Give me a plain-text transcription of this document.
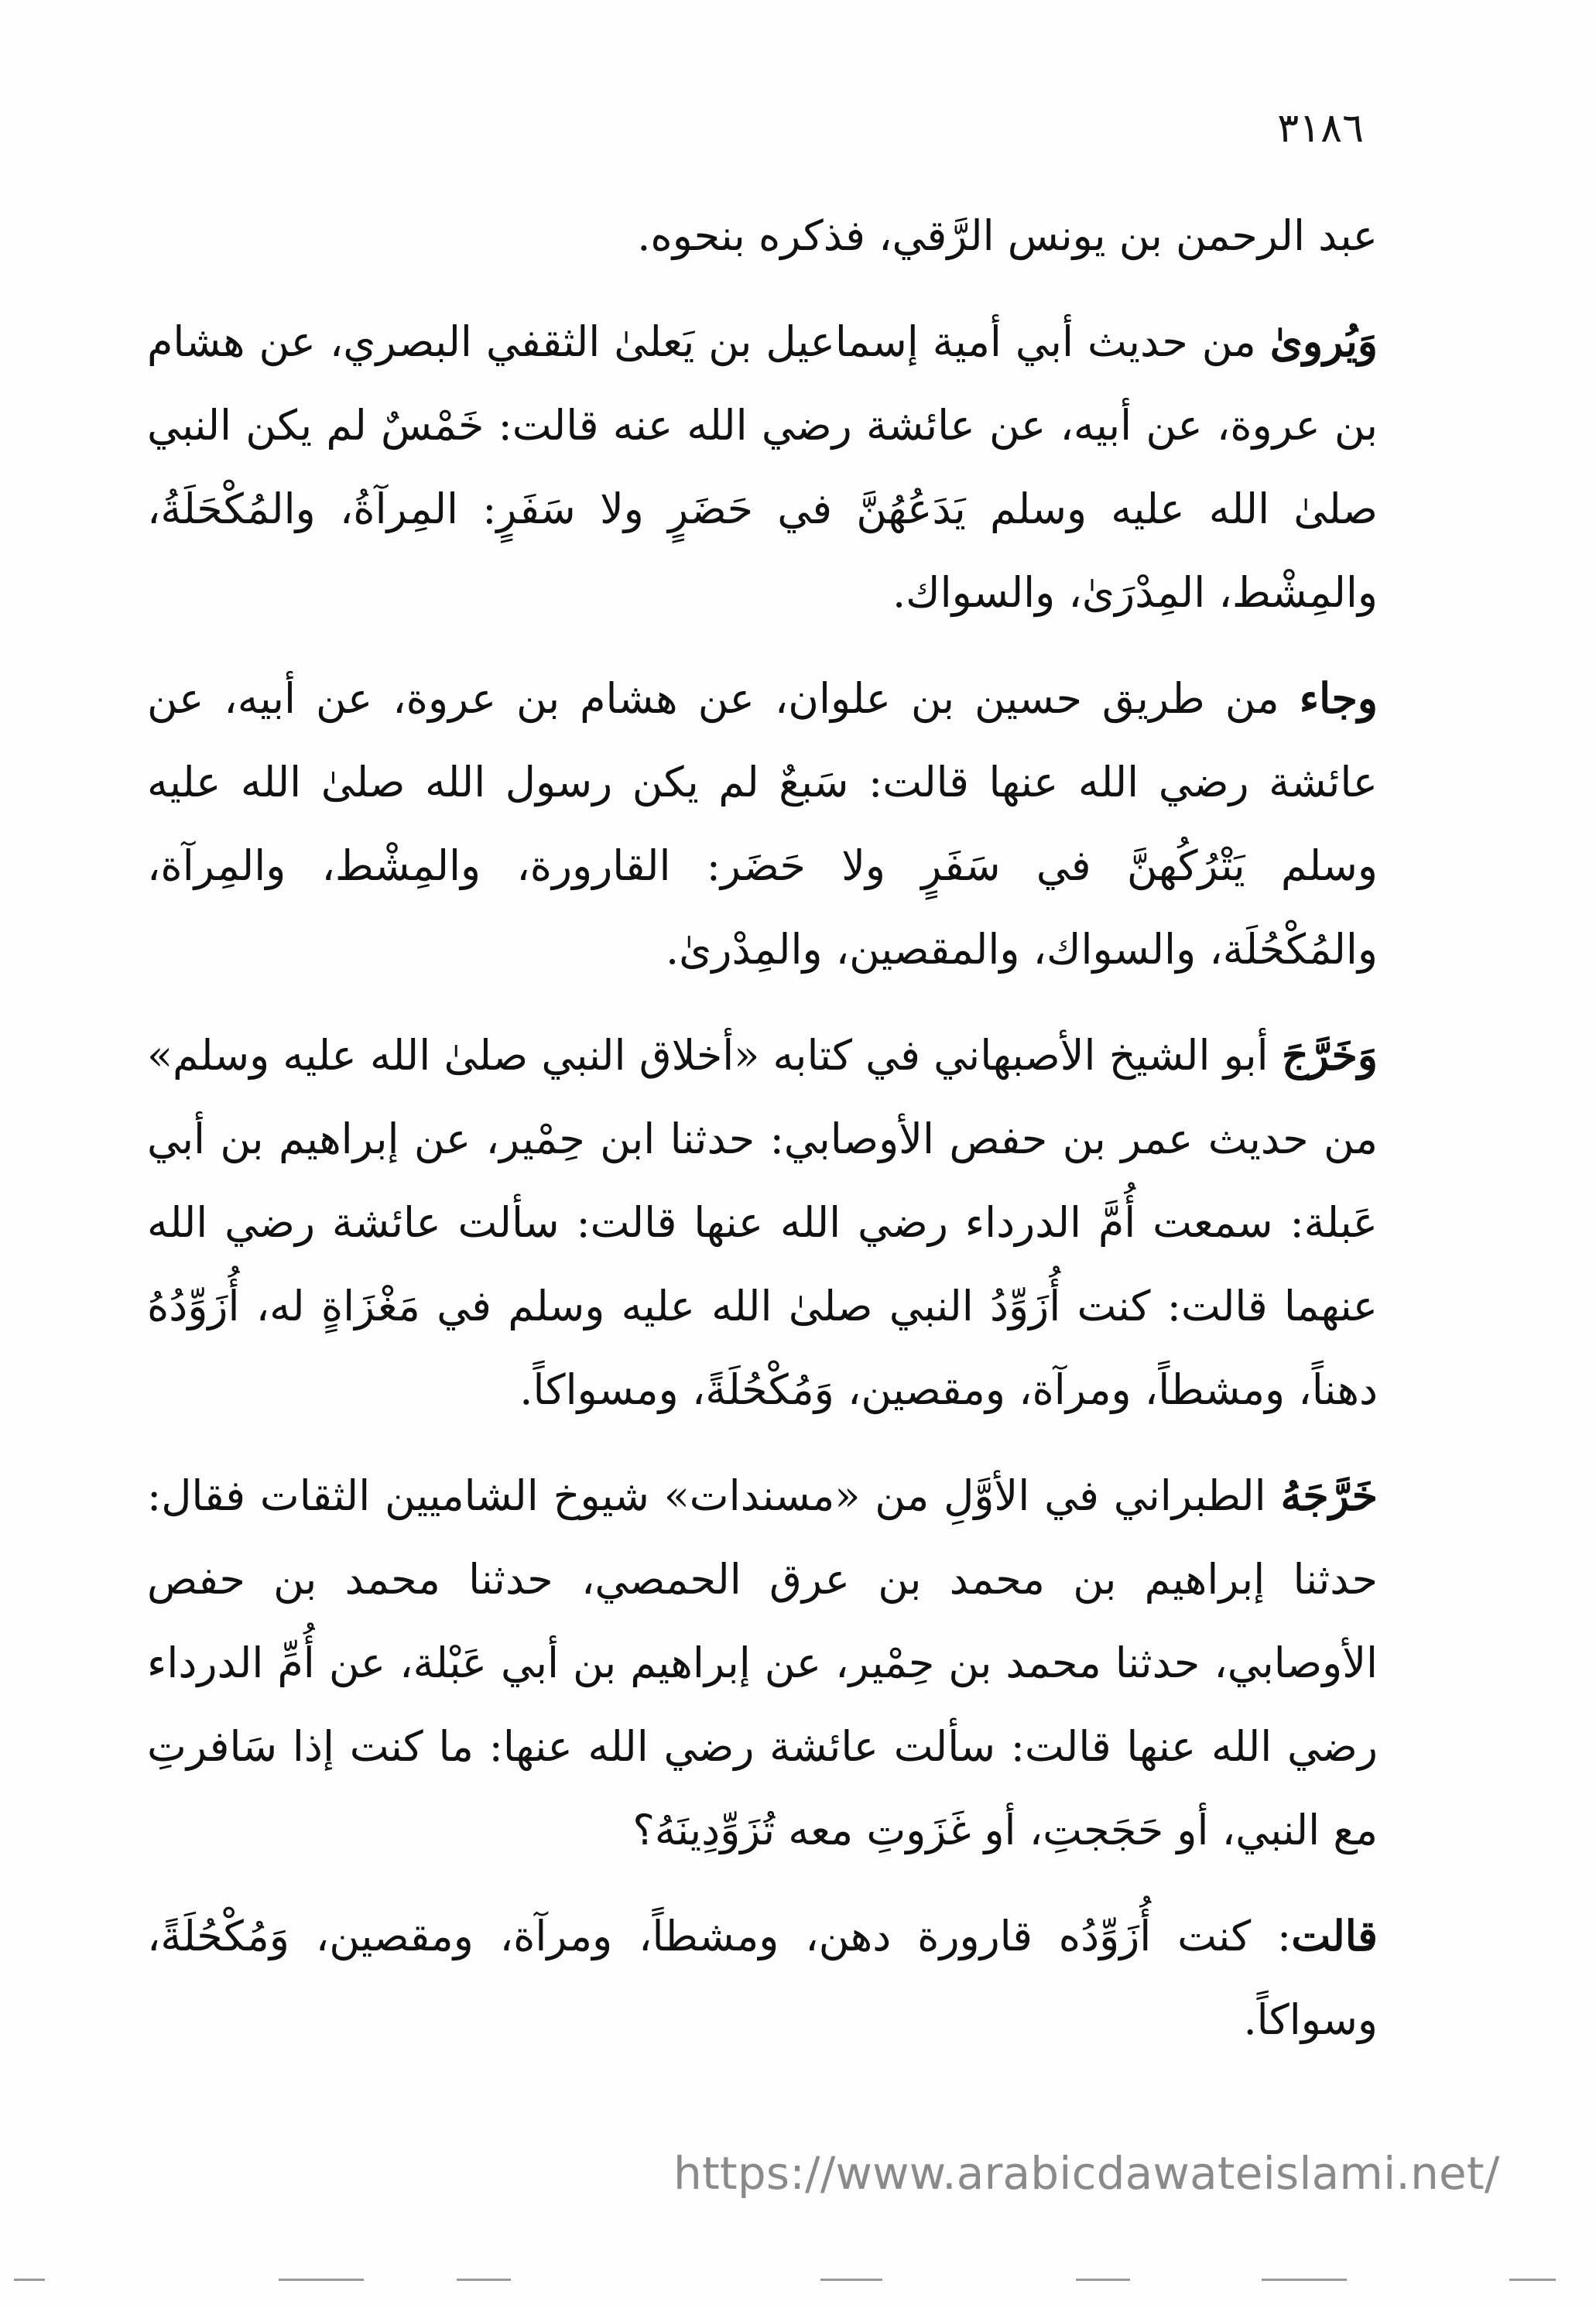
٣١٨٦

عبد الرحمن بن يونس الرَّقي، فذكره بنحوه.

وَيُروىٰ من حديث أبي أمية إسماعيل بن يَعلىٰ الثقفي البصري، عن هشام بن عروة، عن أبيه، عن عائشة رضي الله عنه قالت: خَمْسٌ لم يكن النبي صلىٰ الله عليه وسلم يَدَعُهُنَّ في حَضَرٍ ولا سَفَرٍ: المِرآةُ، والمُكْحَلَةُ، والمِشْط، المِدْرَىٰ، والسواك.

وجاء من طريق حسين بن علوان، عن هشام بن عروة، عن أبيه، عن عائشة رضي الله عنها قالت: سَبعٌ لم يكن رسول الله صلىٰ الله عليه وسلم يَتْرُكُهنَّ في سَفَرٍ ولا حَضَر: القارورة، والمِشْط، والمِرآة، والمُكْحُلَة، والسواك، والمقصين، والمِدْرىٰ.

وَخَرَّجَ أبو الشيخ الأصبهاني في كتابه «أخلاق النبي صلىٰ الله عليه وسلم» من حديث عمر بن حفص الأوصابي: حدثنا ابن حِمْير، عن إبراهيم بن أبي عَبلة: سمعت أُمَّ الدرداء رضي الله عنها قالت: سألت عائشة رضي الله عنهما قالت: كنت أُزَوِّدُ النبي صلىٰ الله عليه وسلم في مَغْزَاةٍ له، أُزَوِّدُهُ دهناً، ومشطاً، ومرآة، ومقصين، وَمُكْحُلَةً، ومسواكاً.

خَرَّجَهُ الطبراني في الأوَّلِ من «مسندات» شيوخ الشاميين الثقات فقال: حدثنا إبراهيم بن محمد بن عرق الحمصي، حدثنا محمد بن حفص الأوصابي، حدثنا محمد بن حِمْير، عن إبراهيم بن أبي عَبْلة، عن أُمِّ الدرداء رضي الله عنها قالت: سألت عائشة رضي الله عنها: ما كنت إذا سَافرتِ مع النبي، أو حَجَجتِ، أو غَزَوتِ معه تُزَوِّدِينَهُ؟

قالت: كنت أُزَوِّدُه قارورة دهن، ومشطاً، ومرآة، ومقصين، وَمُكْحُلَةً، وسواكاً.

https://www.arabicdawateislami.net/
